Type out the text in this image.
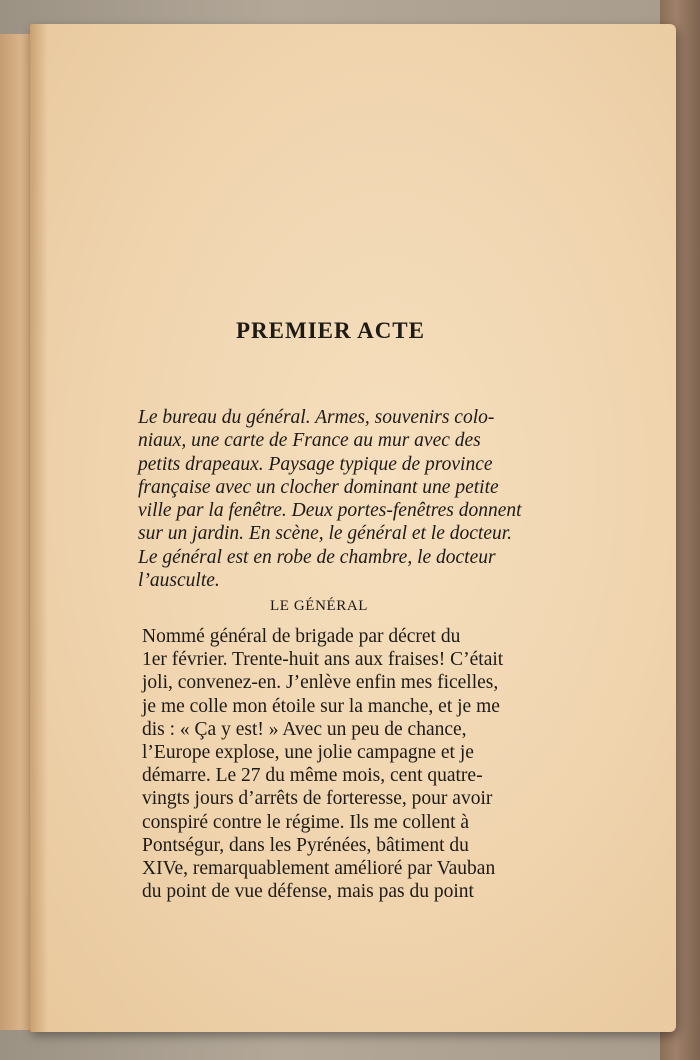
PREMIER ACTE
Le bureau du général. Armes, souvenirs colo-
niaux, une carte de France au mur avec des
petits drapeaux. Paysage typique de province
française avec un clocher dominant une petite
ville par la fenêtre. Deux portes-fenêtres donnent
sur un jardin. En scène, le général et le docteur.
Le général est en robe de chambre, le docteur
l’ausculte.
LE GÉNÉRAL
Nommé général de brigade par décret du
1er février. Trente-huit ans aux fraises! C’était
joli, convenez-en. J’enlève enfin mes ficelles,
je me colle mon étoile sur la manche, et je me
dis : « Ça y est! » Avec un peu de chance,
l’Europe explose, une jolie campagne et je
démarre. Le 27 du même mois, cent quatre-
vingts jours d’arrêts de forteresse, pour avoir
conspiré contre le régime. Ils me collent à
Pontségur, dans les Pyrénées, bâtiment du
XIVe, remarquablement amélioré par Vauban
du point de vue défense, mais pas du point
